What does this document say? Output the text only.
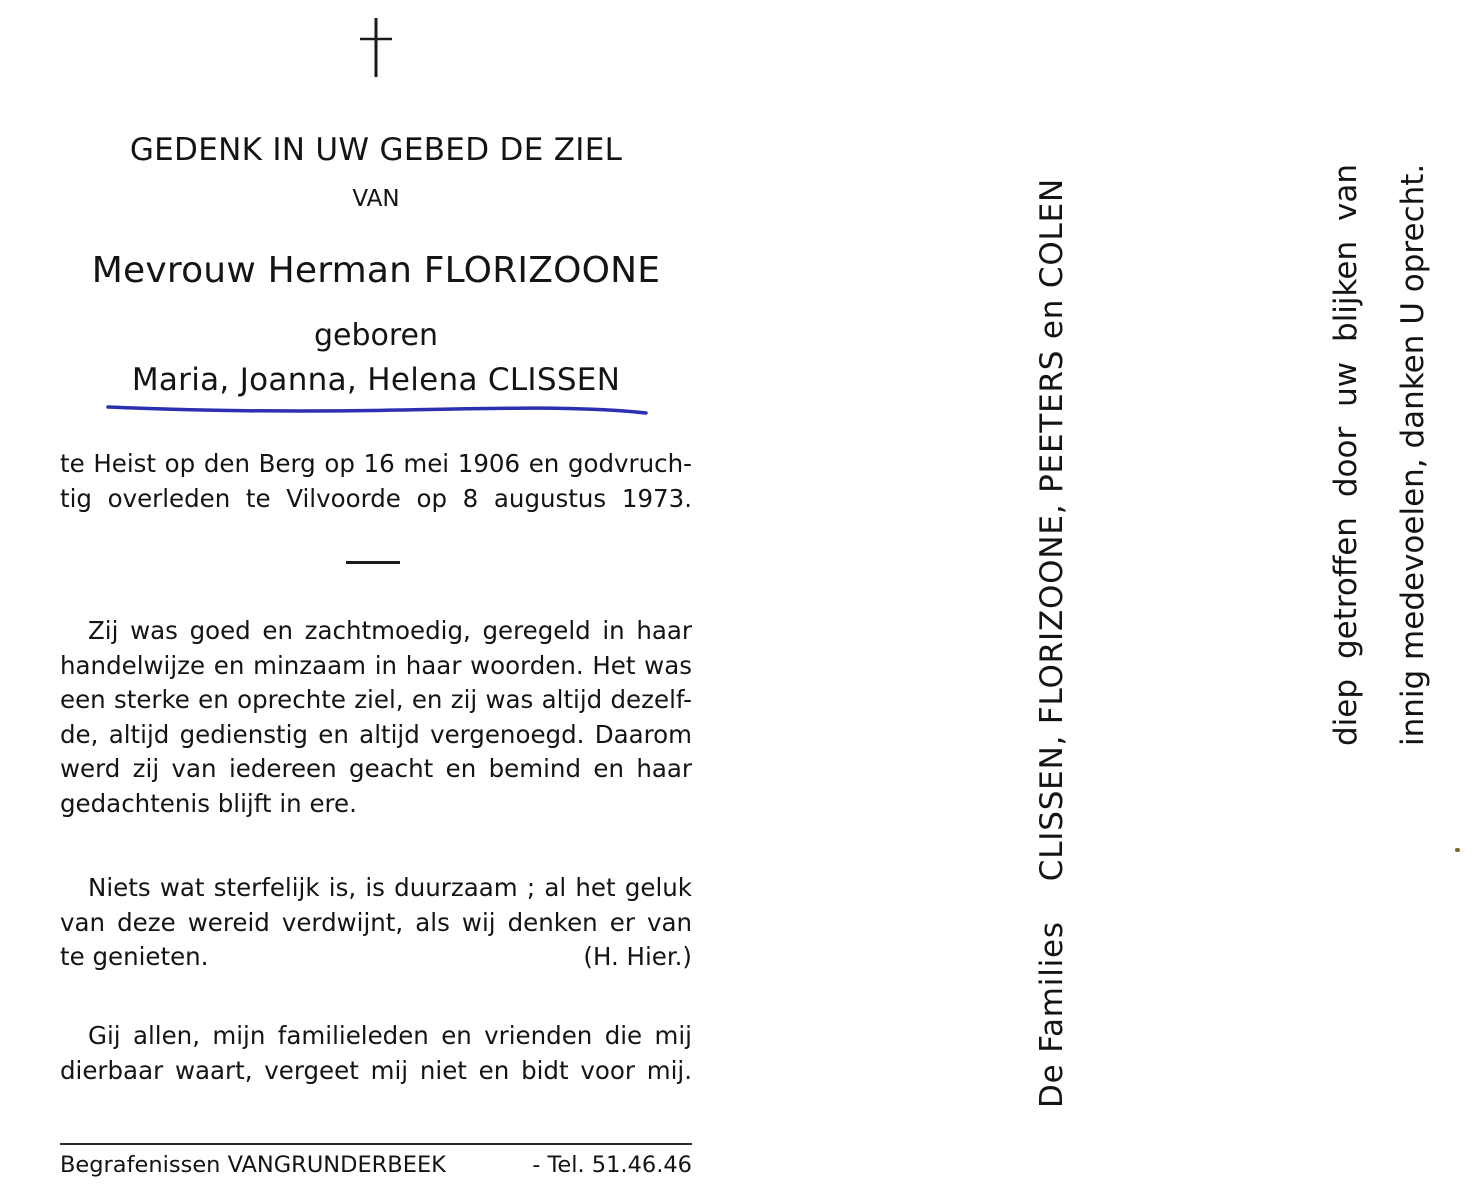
GEDENK IN UW GEBED DE ZIEL
VAN
Mevrouw Herman FLORIZOONE
geboren
Maria, Joanna, Helena CLISSEN
te Heist op den Berg op 16 mei 1906 en godvruch-
tig overleden te Vilvoorde op 8 augustus 1973.
Zij was goed en zachtmoedig, geregeld in haar
handelwijze en minzaam in haar woorden. Het was
een sterke en oprechte ziel, en zij was altijd dezelf-
de, altijd gedienstig en altijd vergenoegd. Daarom
werd zij van iedereen geacht en bemind en haar
gedachtenis blijft in ere.
Niets wat sterfelijk is, is duurzaam ; al het geluk
van deze wereid verdwijnt, als wij denken er van
te genieten.	(H. Hier.)
Gij allen, mijn familieleden en vrienden die mij
dierbaar waart, vergeet mij niet en bidt voor mij.
Begrafenissen VANGRUNDERBEEK	- Tel. 51.46.46
De Families
CLISSEN, FLORIZOONE, PEETERS en COLEN	diep getroffen door uw blijken van innig medevoelen, danken U oprecht.
